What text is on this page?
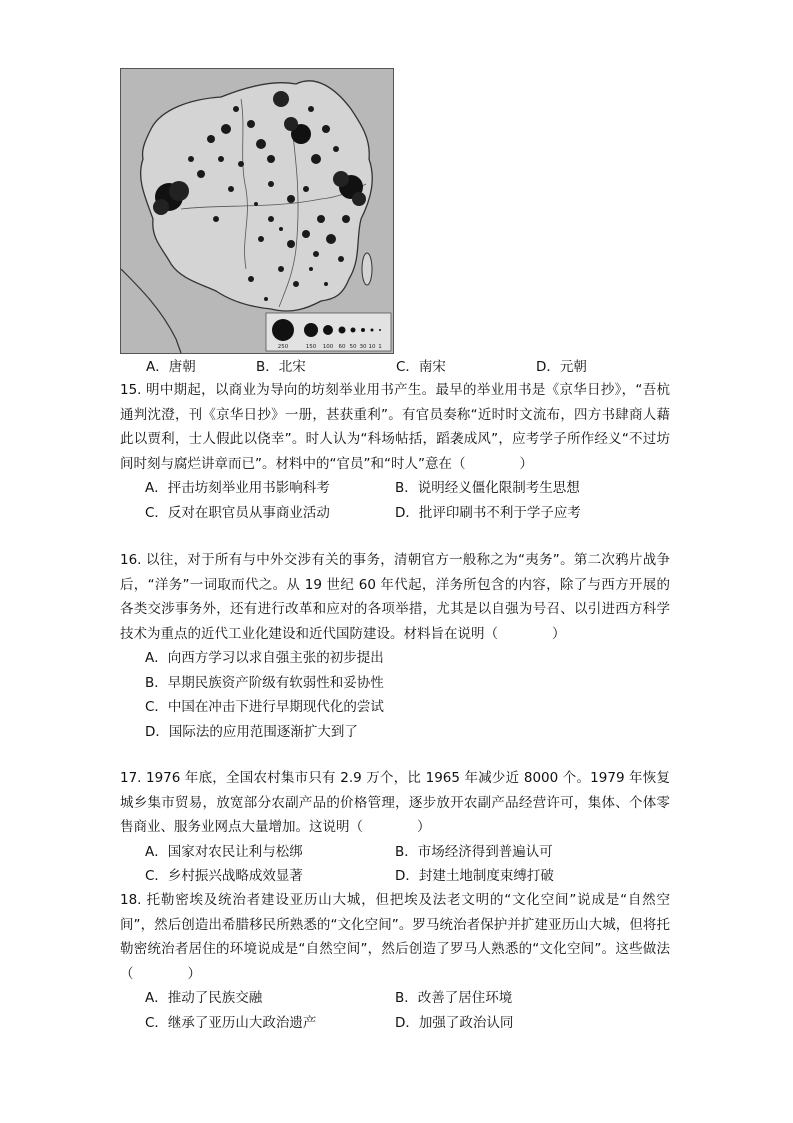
250	150 100 60 50 30 10 1
A．唐朝	B．北宋	C．南宋	D．元朝

15. 明中期起，以商业为导向的坊刻举业用书产生。最早的举业用书是《京华日抄》，“吾杭通判沈澄，刊《京华日抄》一册，甚获重利”。有官员奏称“近时时文流布，四方书肆商人藉此以贾利，士人假此以侥幸”。时人认为“科场帖括，蹈袭成风”，应考学子所作经义“不过坊间时刻与腐烂讲章而已”。材料中的“官员”和“时人”意在（　　　　）

A．抨击坊刻举业用书影响科考	B．说明经义僵化限制考生思想
C．反对在职官员从事商业活动	D．批评印刷书不利于学子应考

16. 以往，对于所有与中外交涉有关的事务，清朝官方一般称之为“夷务”。第二次鸦片战争后，“洋务”一词取而代之。从 19 世纪 60 年代起，洋务所包含的内容，除了与西方开展的各类交涉事务外，还有进行改革和应对的各项举措，尤其是以自强为号召、以引进西方科学技术为重点的近代工业化建设和近代国防建设。材料旨在说明（　　　　）

A．向西方学习以求自强主张的初步提出
B．早期民族资产阶级有软弱性和妥协性
C．中国在冲击下进行早期现代化的尝试
D．国际法的应用范围逐渐扩大到了

17. 1976 年底，全国农村集市只有 2.9 万个，比 1965 年减少近 8000 个。1979 年恢复城乡集市贸易，放宽部分农副产品的价格管理，逐步放开农副产品经营许可，集体、个体零售商业、服务业网点大量增加。这说明（　　　　）

A．国家对农民让利与松绑	B．市场经济得到普遍认可
C．乡村振兴战略成效显著	D．封建土地制度束缚打破

18. 托勒密埃及统治者建设亚历山大城，但把埃及法老文明的“文化空间”说成是“自然空间”，然后创造出希腊移民所熟悉的“文化空间”。罗马统治者保护并扩建亚历山大城，但将托勒密统治者居住的环境说成是“自然空间”，然后创造了罗马人熟悉的“文化空间”。这些做法（　　　　）

A．推动了民族交融	B．改善了居住环境
C．继承了亚历山大政治遗产	D．加强了政治认同
